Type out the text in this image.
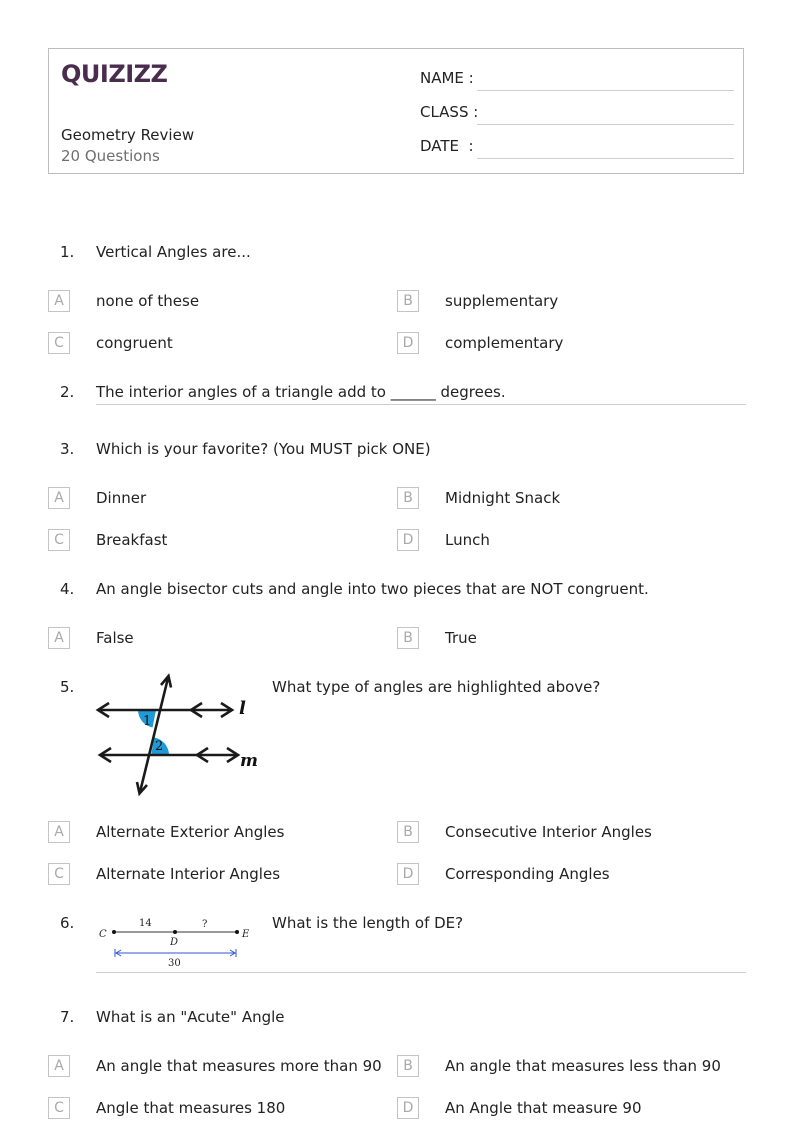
QUIZIZZ
Geometry Review
20 Questions
NAME :
CLASS :
DATE  :
1. Vertical Angles are...
A	none of these	B	supplementary
C	congruent	D	complementary
2. The interior angles of a triangle add to ______ degrees.
3. Which is your favorite? (You MUST pick ONE)
A	Dinner	B	Midnight Snack
C	Breakfast	D	Lunch
4. An angle bisector cuts and angle into two pieces that are NOT congruent.
A	False	B	True
5.
1
2
l
m
What type of angles are highlighted above?
A	Alternate Exterior Angles	B	Consecutive Interior Angles
C	Alternate Interior Angles	D	Corresponding Angles
6.
C
D
E
14	?
30
What is the length of DE?
7. What is an "Acute" Angle
A	An angle that measures more than 90	B	An angle that measures less than 90
C	Angle that measures 180	D	An Angle that measure 90
